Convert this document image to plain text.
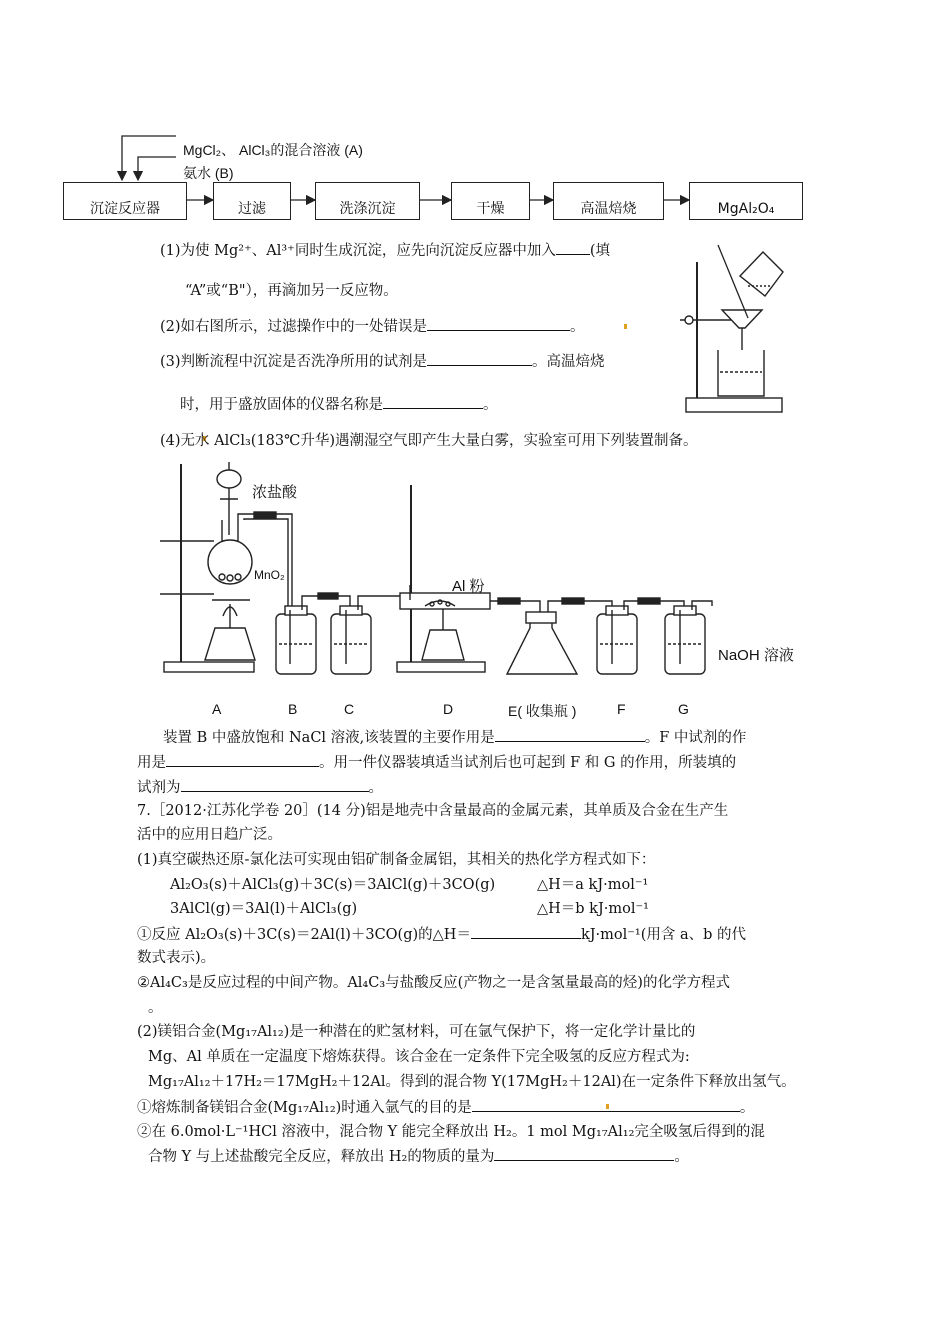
MgCl₂、 AlCl₃的混合溶液 (A)
氨水 (B)
沉淀反应器	过滤	洗涤沉淀	干燥	高温焙烧	MgAl₂O₄
(1)为使 Mg²⁺、Al³⁺同时生成沉淀，应先向沉淀反应器中加入 (填
“A”或“B"），再滴加另一反应物。
(2)如右图所示，过滤操作中的一处错误是	。
(3)判断流程中沉淀是否洗净所用的试剂是	。高温焙烧
时，用于盛放固体的仪器名称是	。
(4)无水 AlCl₃(183℃升华)遇潮湿空气即产生大量白雾，实验室可用下列装置制备。
浓盐酸
MnO₂
Al 粉
NaOH 溶液
A	B	C	D	E( 收集瓶 )	F	G
装置 B 中盛放饱和 NaCl 溶液,该装置的主要作用是	。F 中试剂的作
用是	。用一件仪器装填适当试剂后也可起到 F 和 G 的作用，所装填的
试剂为	。
7.［2012·江苏化学卷 20］(14 分)铝是地壳中含量最高的金属元素，其单质及合金在生产生
活中的应用日趋广泛。
(1)真空碳热还原-氯化法可实现由铝矿制备金属铝，其相关的热化学方程式如下：
Al₂O₃(s)＋AlCl₃(g)＋3C(s)＝3AlCl(g)＋3CO(g)	△H＝a kJ·mol⁻¹
3AlCl(g)＝3Al(l)＋AlCl₃(g)	△H＝b kJ·mol⁻¹
①反应 Al₂O₃(s)＋3C(s)＝2Al(l)＋3CO(g)的△H＝	kJ·mol⁻¹(用含 a、b 的代
数式表示)。
②Al₄C₃是反应过程的中间产物。Al₄C₃与盐酸反应(产物之一是含氢量最高的烃)的化学方程式
。
(2)镁铝合金(Mg₁₇Al₁₂)是一种潜在的贮氢材料，可在氩气保护下，将一定化学计量比的
Mg、Al 单质在一定温度下熔炼获得。该合金在一定条件下完全吸氢的反应方程式为:
Mg₁₇Al₁₂＋17H₂＝17MgH₂＋12Al。得到的混合物 Y(17MgH₂＋12Al)在一定条件下释放出氢气。
①熔炼制备镁铝合金(Mg₁₇Al₁₂)时通入氩气的目的是	。
②在 6.0mol·L⁻¹HCl 溶液中，混合物 Y 能完全释放出 H₂。1 mol Mg₁₇Al₁₂完全吸氢后得到的混
合物 Y 与上述盐酸完全反应，释放出 H₂的物质的量为	。
